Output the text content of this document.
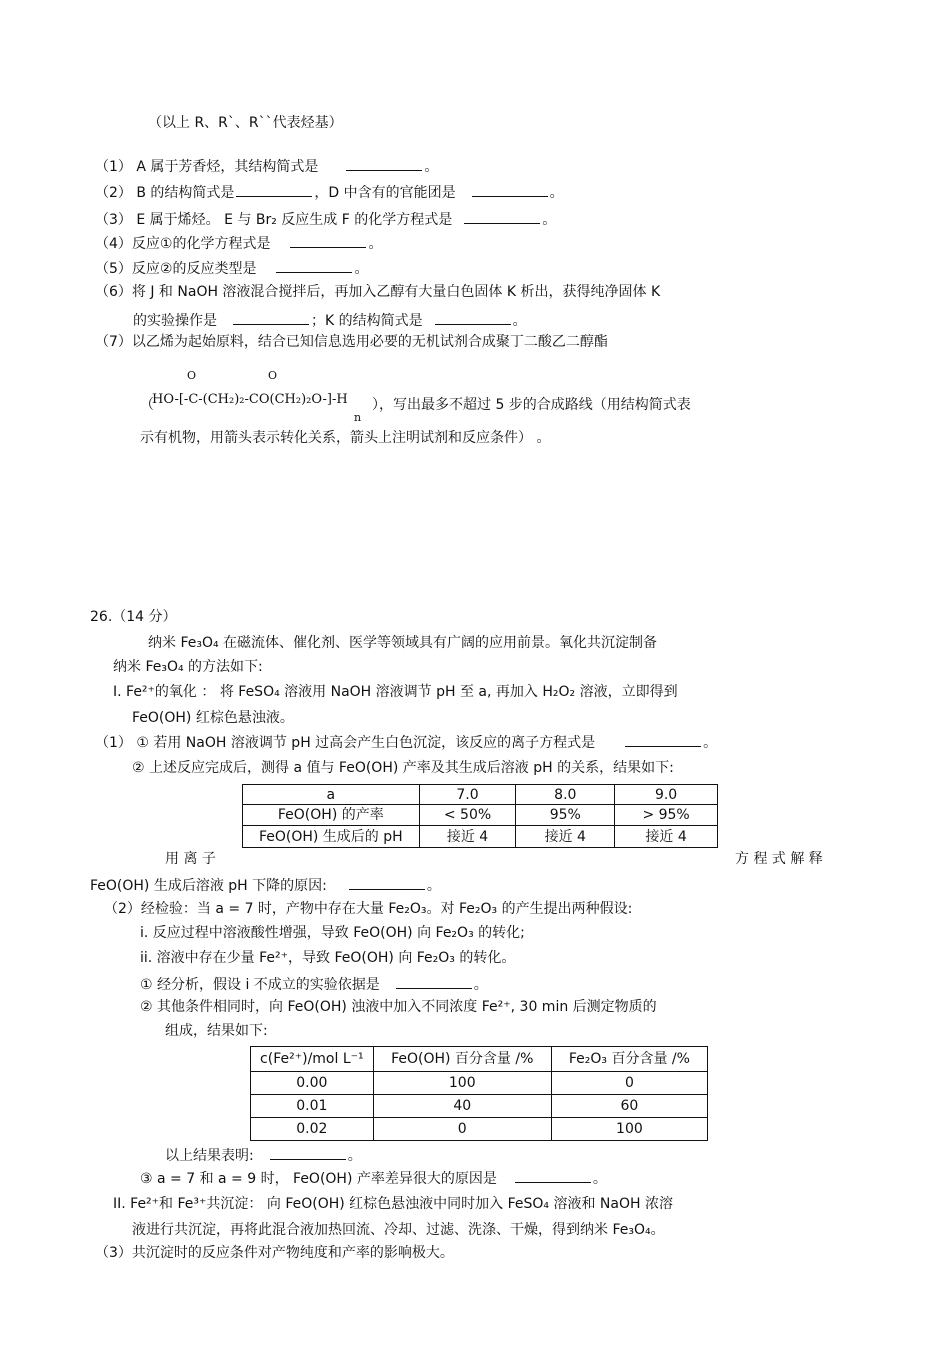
（以上 R、R`、R``代表烃基）
（1） A 属于芳香烃，其结构简式是	。
（2） B 的结构简式是	，D 中含有的官能团是	。
（3） E 属于烯烃。 E 与 Br₂ 反应生成 F 的化学方程式是	。
（4）反应①的化学方程式是	。
（5）反应②的反应类型是	。
（6）将 J 和 NaOH 溶液混合搅拌后，再加入乙醇有大量白色固体 K 析出，获得纯净固体 K
的实验操作是	；K 的结构简式是	。
（7）以乙烯为起始原料，结合已知信息选用必要的无机试剂合成聚丁二酸乙二醇酯
（
HO-[-C-(CH₂)₂-CO(CH₂)₂O-]-H
O	O
n
），写出最多不超过 5 步的合成路线（用结构简式表
示有机物，用箭头表示转化关系，箭头上注明试剂和反应条件） 。
26.（14 分）
纳米 Fe₃O₄ 在磁流体、催化剂、医学等领域具有广阔的应用前景。氧化共沉淀制备
纳米 Fe₃O₄ 的方法如下:
I. Fe²⁺的氧化 ： 将 FeSO₄ 溶液用 NaOH 溶液调节 pH 至 a, 再加入 H₂O₂ 溶液，立即得到
FeO(OH) 红棕色悬浊液。
（1） ① 若用 NaOH 溶液调节 pH 过高会产生白色沉淀，该反应的离子方程式是	。
② 上述反应完成后，测得 a 值与 FeO(OH) 产率及其生成后溶液 pH 的关系，结果如下:
a	7.0	8.0	9.0
FeO(OH) 的产率	< 50%	95%	> 95%
FeO(OH) 生成后的 pH	接近 4	接近 4	接近 4
用 离 子	方 程 式 解 释
FeO(OH) 生成后溶液 pH 下降的原因:	。
（2）经检验：当 a = 7 时，产物中存在大量 Fe₂O₃。对 Fe₂O₃ 的产生提出两种假设:
i. 反应过程中溶液酸性增强，导致 FeO(OH) 向 Fe₂O₃ 的转化;
ii. 溶液中存在少量 Fe²⁺，导致 FeO(OH) 向 Fe₂O₃ 的转化。
① 经分析，假设 i 不成立的实验依据是	。
② 其他条件相同时，向 FeO(OH) 浊液中加入不同浓度 Fe²⁺, 30 min 后测定物质的
组成，结果如下:
c(Fe²⁺)/mol L⁻¹	FeO(OH) 百分含量 /%	Fe₂O₃ 百分含量 /%
0.00	100	0
0.01	40	60
0.02	0	100
以上结果表明:	。
③ a = 7 和 a = 9 时， FeO(OH) 产率差异很大的原因是	。
II. Fe²⁺和 Fe³⁺共沉淀： 向 FeO(OH) 红棕色悬浊液中同时加入 FeSO₄ 溶液和 NaOH 浓溶
液进行共沉淀，再将此混合液加热回流、冷却、过滤、洗涤、干燥，得到纳米 Fe₃O₄。
（3）共沉淀时的反应条件对产物纯度和产率的影响极大。
